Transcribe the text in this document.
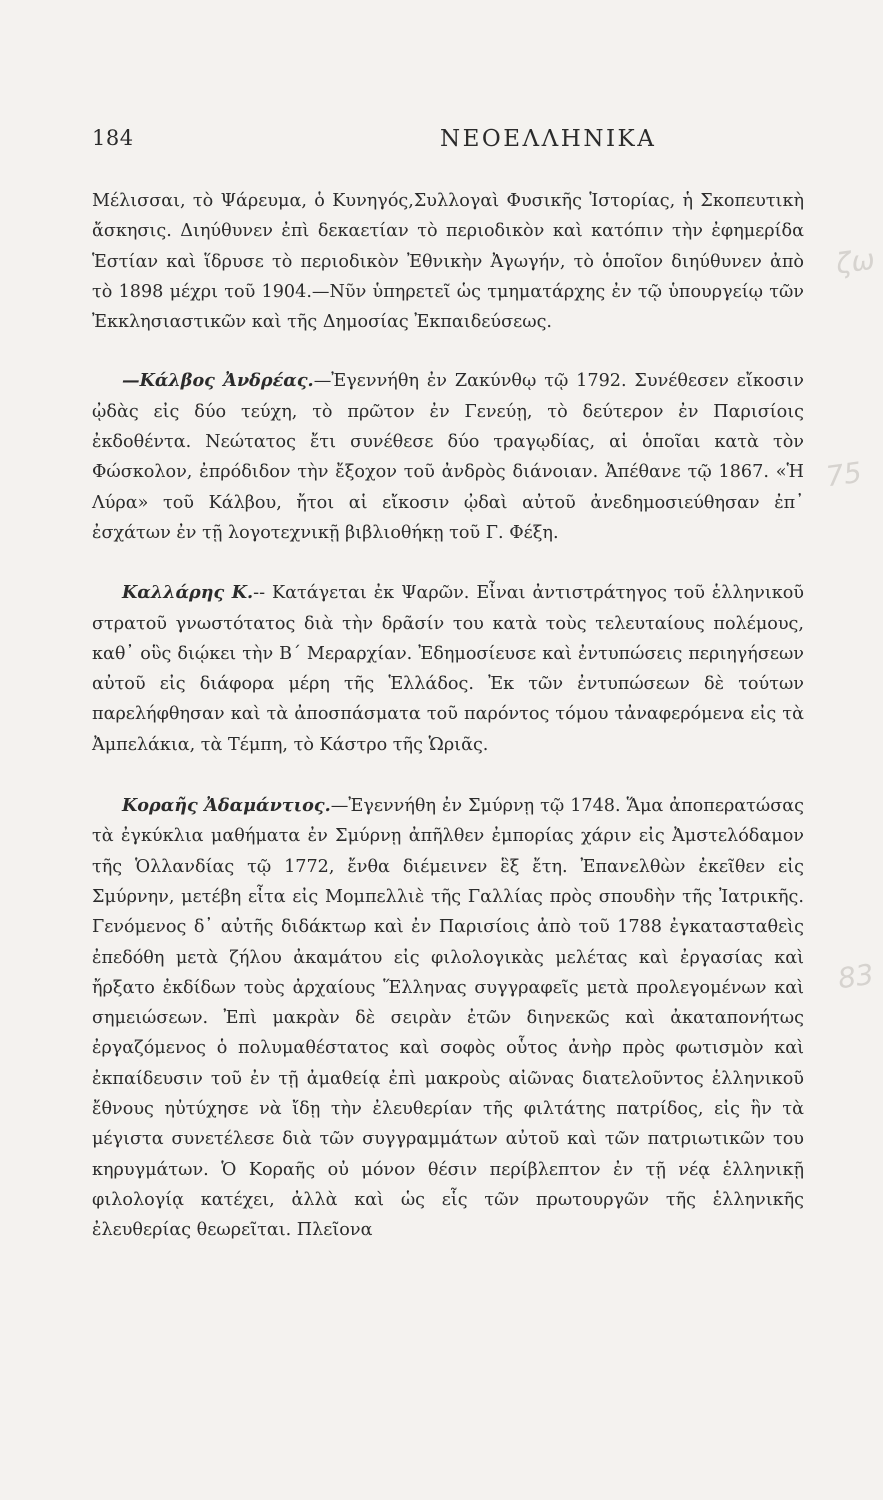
184	ΝΕΟΕΛΛΗΝΙΚΑ

Μέλισσαι, τὸ Ψάρευμα, ὁ Κυνηγός,Συλλογαὶ Φυσικῆς Ἱστορίας, ἡ Σκοπευτικὴ ἄσκησις. Διηύθυνεν ἐπὶ δεκαετίαν τὸ περιοδικὸν καὶ κατόπιν τὴν ἐφημερίδα Ἑστίαν καὶ ἵδρυσε τὸ περιοδικὸν Ἐθνικὴν Ἀγωγήν, τὸ ὁποῖον διηύθυνεν ἀπὸ τὸ 1898 μέχρι τοῦ 1904.—Νῦν ὑπηρετεῖ ὡς τμηματάρχης ἐν τῷ ὑπουργείῳ τῶν Ἐκκλησιαστικῶν καὶ τῆς Δημοσίας Ἐκπαιδεύσεως.

—Κάλβος Ἀνδρέας.—Ἐγεννήθη ἐν Ζακύνθῳ τῷ 1792. Συνέθεσεν εἴκοσιν ᾠδὰς εἰς δύο τεύχη, τὸ πρῶτον ἐν Γενεύῃ, τὸ δεύτερον ἐν Παρισίοις ἐκδοθέντα. Νεώτατος ἔτι συνέθεσε δύο τραγῳδίας, αἱ ὁποῖαι κατὰ τὸν Φώσκολον, ἐπρόδιδον τὴν ἔξοχον τοῦ ἀνδρὸς διάνοιαν. Ἀπέθανε τῷ 1867. «Ἡ Λύρα» τοῦ Κάλβου, ἤτοι αἱ εἴκοσιν ᾠδαὶ αὐτοῦ ἀνεδημοσιεύθησαν ἐπ᾽ ἐσχάτων ἐν τῇ λογοτεχνικῇ βιβλιοθήκῃ τοῦ Γ. Φέξη.

Καλλάρης Κ.-- Κατάγεται ἐκ Ψαρῶν. Εἶναι ἀντιστράτηγος τοῦ ἑλληνικοῦ στρατοῦ γνωστότατος διὰ τὴν δρᾶσίν του κατὰ τοὺς τελευταίους πολέμους, καθ᾽ οὓς διῴκει τὴν Β´ Μεραρχίαν. Ἐδημοσίευσε καὶ ἐντυπώσεις περιηγήσεων αὐτοῦ εἰς διάφορα μέρη τῆς Ἑλλάδος. Ἐκ τῶν ἐντυπώσεων δὲ τούτων παρελήφθησαν καὶ τὰ ἀποσπάσματα τοῦ παρόντος τόμου τἀναφερόμενα εἰς τὰ Ἀμπελάκια, τὰ Τέμπη, τὸ Κάστρο τῆς Ὡριᾶς.

Κοραῆς Ἀδαμάντιος.—Ἐγεννήθη ἐν Σμύρνῃ τῷ 1748. Ἅμα ἀποπερατώσας τὰ ἐγκύκλια μαθήματα ἐν Σμύρνῃ ἀπῆλθεν ἐμπορίας χάριν εἰς Ἀμστελόδαμον τῆς Ὁλλανδίας τῷ 1772, ἔνθα διέμεινεν ἓξ ἔτη. Ἐπανελθὼν ἐκεῖθεν εἰς Σμύρνην, μετέβη εἶτα εἰς Μομπελλιὲ τῆς Γαλλίας πρὸς σπουδὴν τῆς Ἰατρικῆς. Γενόμενος δ᾽ αὐτῆς διδάκτωρ καὶ ἐν Παρισίοις ἀπὸ τοῦ 1788 ἐγκατασταθεὶς ἐπεδόθη μετὰ ζήλου ἀκαμάτου εἰς φιλολογικὰς μελέτας καὶ ἐργασίας καὶ ἤρξατο ἐκδίδων τοὺς ἀρχαίους Ἕλληνας συγγραφεῖς μετὰ προλεγομένων καὶ σημειώσεων. Ἐπὶ μακρὰν δὲ σειρὰν ἐτῶν διηνεκῶς καὶ ἀκαταπονήτως ἐργαζόμενος ὁ πολυμαθέστατος καὶ σοφὸς οὗτος ἀνὴρ πρὸς φωτισμὸν καὶ ἐκπαίδευσιν τοῦ ἐν τῇ ἀμαθείᾳ ἐπὶ μακροὺς αἰῶνας διατελοῦντος ἑλληνικοῦ ἔθνους ηὐτύχησε νὰ ἴδῃ τὴν ἐλευθερίαν τῆς φιλτάτης πατρίδος, εἰς ἣν τὰ μέγιστα συνετέλεσε διὰ τῶν συγγραμμάτων αὐτοῦ καὶ τῶν πατριωτικῶν του κηρυγμάτων. Ὁ Κοραῆς οὐ μόνον θέσιν περίβλεπτον ἐν τῇ νέᾳ ἑλληνικῇ φιλολογίᾳ κατέχει, ἀλλὰ καὶ ὡς εἷς τῶν πρωτουργῶν τῆς ἑλληνικῆς ἐλευθερίας θεωρεῖται. Πλεῖονα

ζω
75
83
